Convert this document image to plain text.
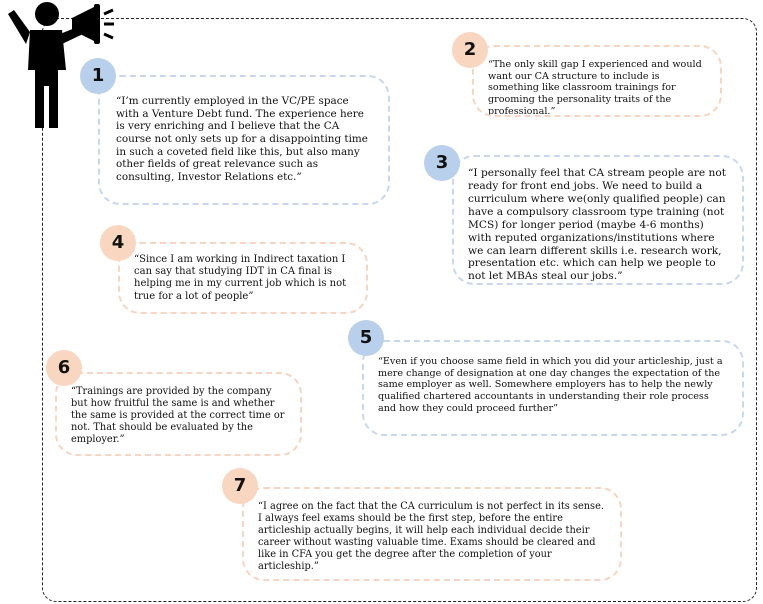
“I’m currently employed in the VC/PE space with a Venture Debt fund. The experience here is very enriching and I believe that the CA course not only sets up for a disappointing time in such a coveted field like this, but also many other fields of great relevance such as consulting, Investor Relations etc.”

1

“The only skill gap I experienced and would want our CA structure to include is something like classroom trainings for grooming the personality traits of the professional.”

2

“I personally feel that CA stream people are not ready for front end jobs. We need to build a curriculum where we(only qualified people) can have a compulsory classroom type training (not MCS) for longer period (maybe 4-6 months) with reputed organizations/institutions where we can learn different skills i.e. research work, presentation etc. which can help we people to not let MBAs steal our jobs.”

3

“Since I am working in Indirect taxation I can say that studying IDT in CA final is helping me in my current job which is not true for a lot of people”

4

“Even if you choose same field in which you did your articleship, just a mere change of designation at one day changes the expectation of the same employer as well. Somewhere employers has to help the newly qualified chartered accountants in understanding their role process and how they could proceed further”

5

“Trainings are provided by the company but how fruitful the same is and whether the same is provided at the correct time or not. That should be evaluated by the employer.”

6

“I agree on the fact that the CA curriculum is not perfect in its sense. I always feel exams should be the first step, before the entire articleship actually begins, it will help each individual decide their career without wasting valuable time. Exams should be cleared and like in CFA you get the degree after the completion of your articleship.”

7
